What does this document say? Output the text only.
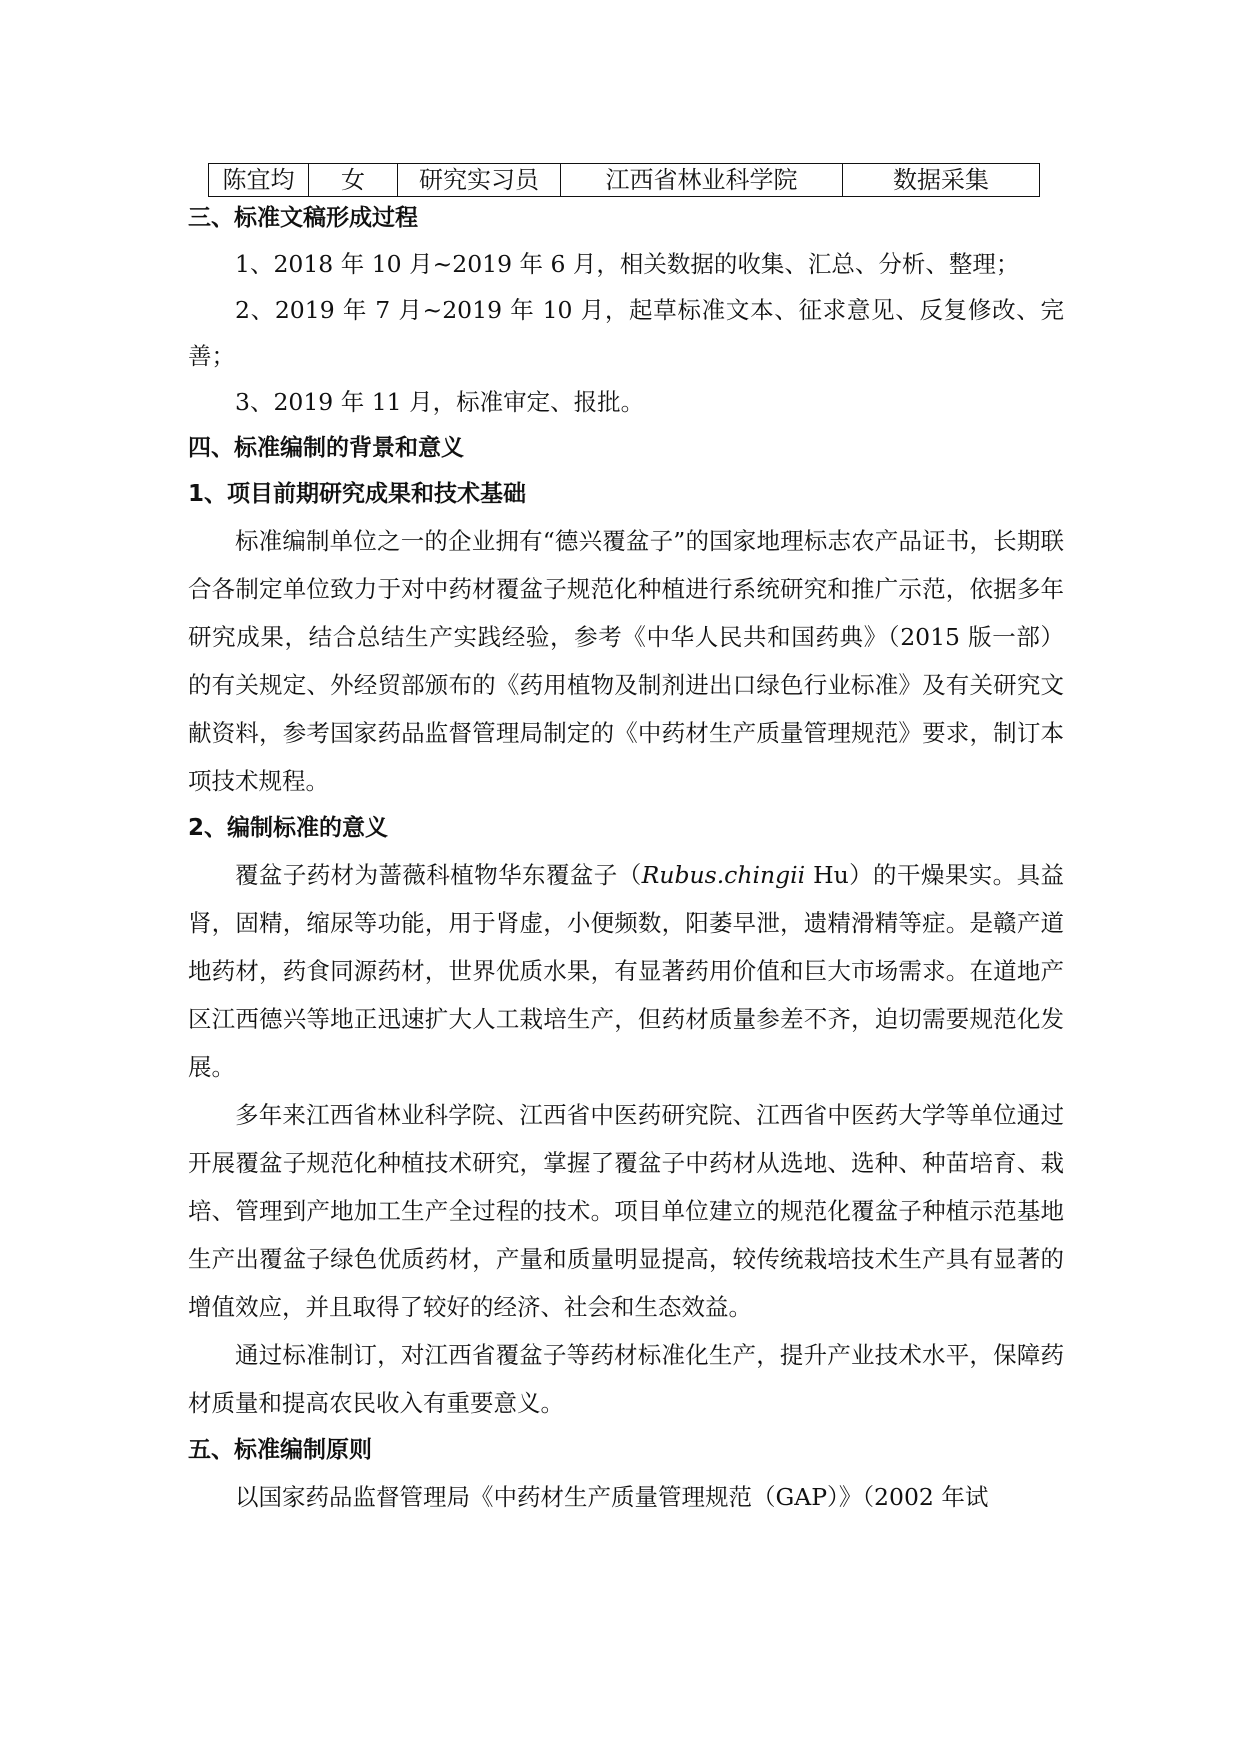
陈宜均	女	研究实习员	江西省林业科学院	数据采集
三、标准文稿形成过程

1、2018 年 10 月~2019 年 6 月，相关数据的收集、汇总、分析、整理；

2、2019 年 7 月~2019 年 10 月，起草标准文本、征求意见、反复修改、完善；

3、2019 年 11 月，标准审定、报批。

四、标准编制的背景和意义
1、项目前期研究成果和技术基础

标准编制单位之一的企业拥有“德兴覆盆子”的国家地理标志农产品证书，长期联合各制定单位致力于对中药材覆盆子规范化种植进行系统研究和推广示范，依据多年研究成果，结合总结生产实践经验，参考《中华人民共和国药典》（2015 版一部）的有关规定、外经贸部颁布的《药用植物及制剂进出口绿色行业标准》及有关研究文献资料，参考国家药品监督管理局制定的《中药材生产质量管理规范》要求，制订本项技术规程。

2、编制标准的意义

覆盆子药材为蔷薇科植物华东覆盆子（Rubus.chingii Hu）的干燥果实。具益肾，固精，缩尿等功能，用于肾虚，小便频数，阳萎早泄，遗精滑精等症。是赣产道地药材，药食同源药材，世界优质水果，有显著药用价值和巨大市场需求。在道地产区江西德兴等地正迅速扩大人工栽培生产，但药材质量参差不齐，迫切需要规范化发展。

多年来江西省林业科学院、江西省中医药研究院、江西省中医药大学等单位通过开展覆盆子规范化种植技术研究，掌握了覆盆子中药材从选地、选种、种苗培育、栽培、管理到产地加工生产全过程的技术。项目单位建立的规范化覆盆子种植示范基地生产出覆盆子绿色优质药材，产量和质量明显提高，较传统栽培技术生产具有显著的增值效应，并且取得了较好的经济、社会和生态效益。

通过标准制订，对江西省覆盆子等药材标准化生产，提升产业技术水平，保障药材质量和提高农民收入有重要意义。

五、标准编制原则

以国家药品监督管理局《中药材生产质量管理规范（GAP）》（2002 年试
